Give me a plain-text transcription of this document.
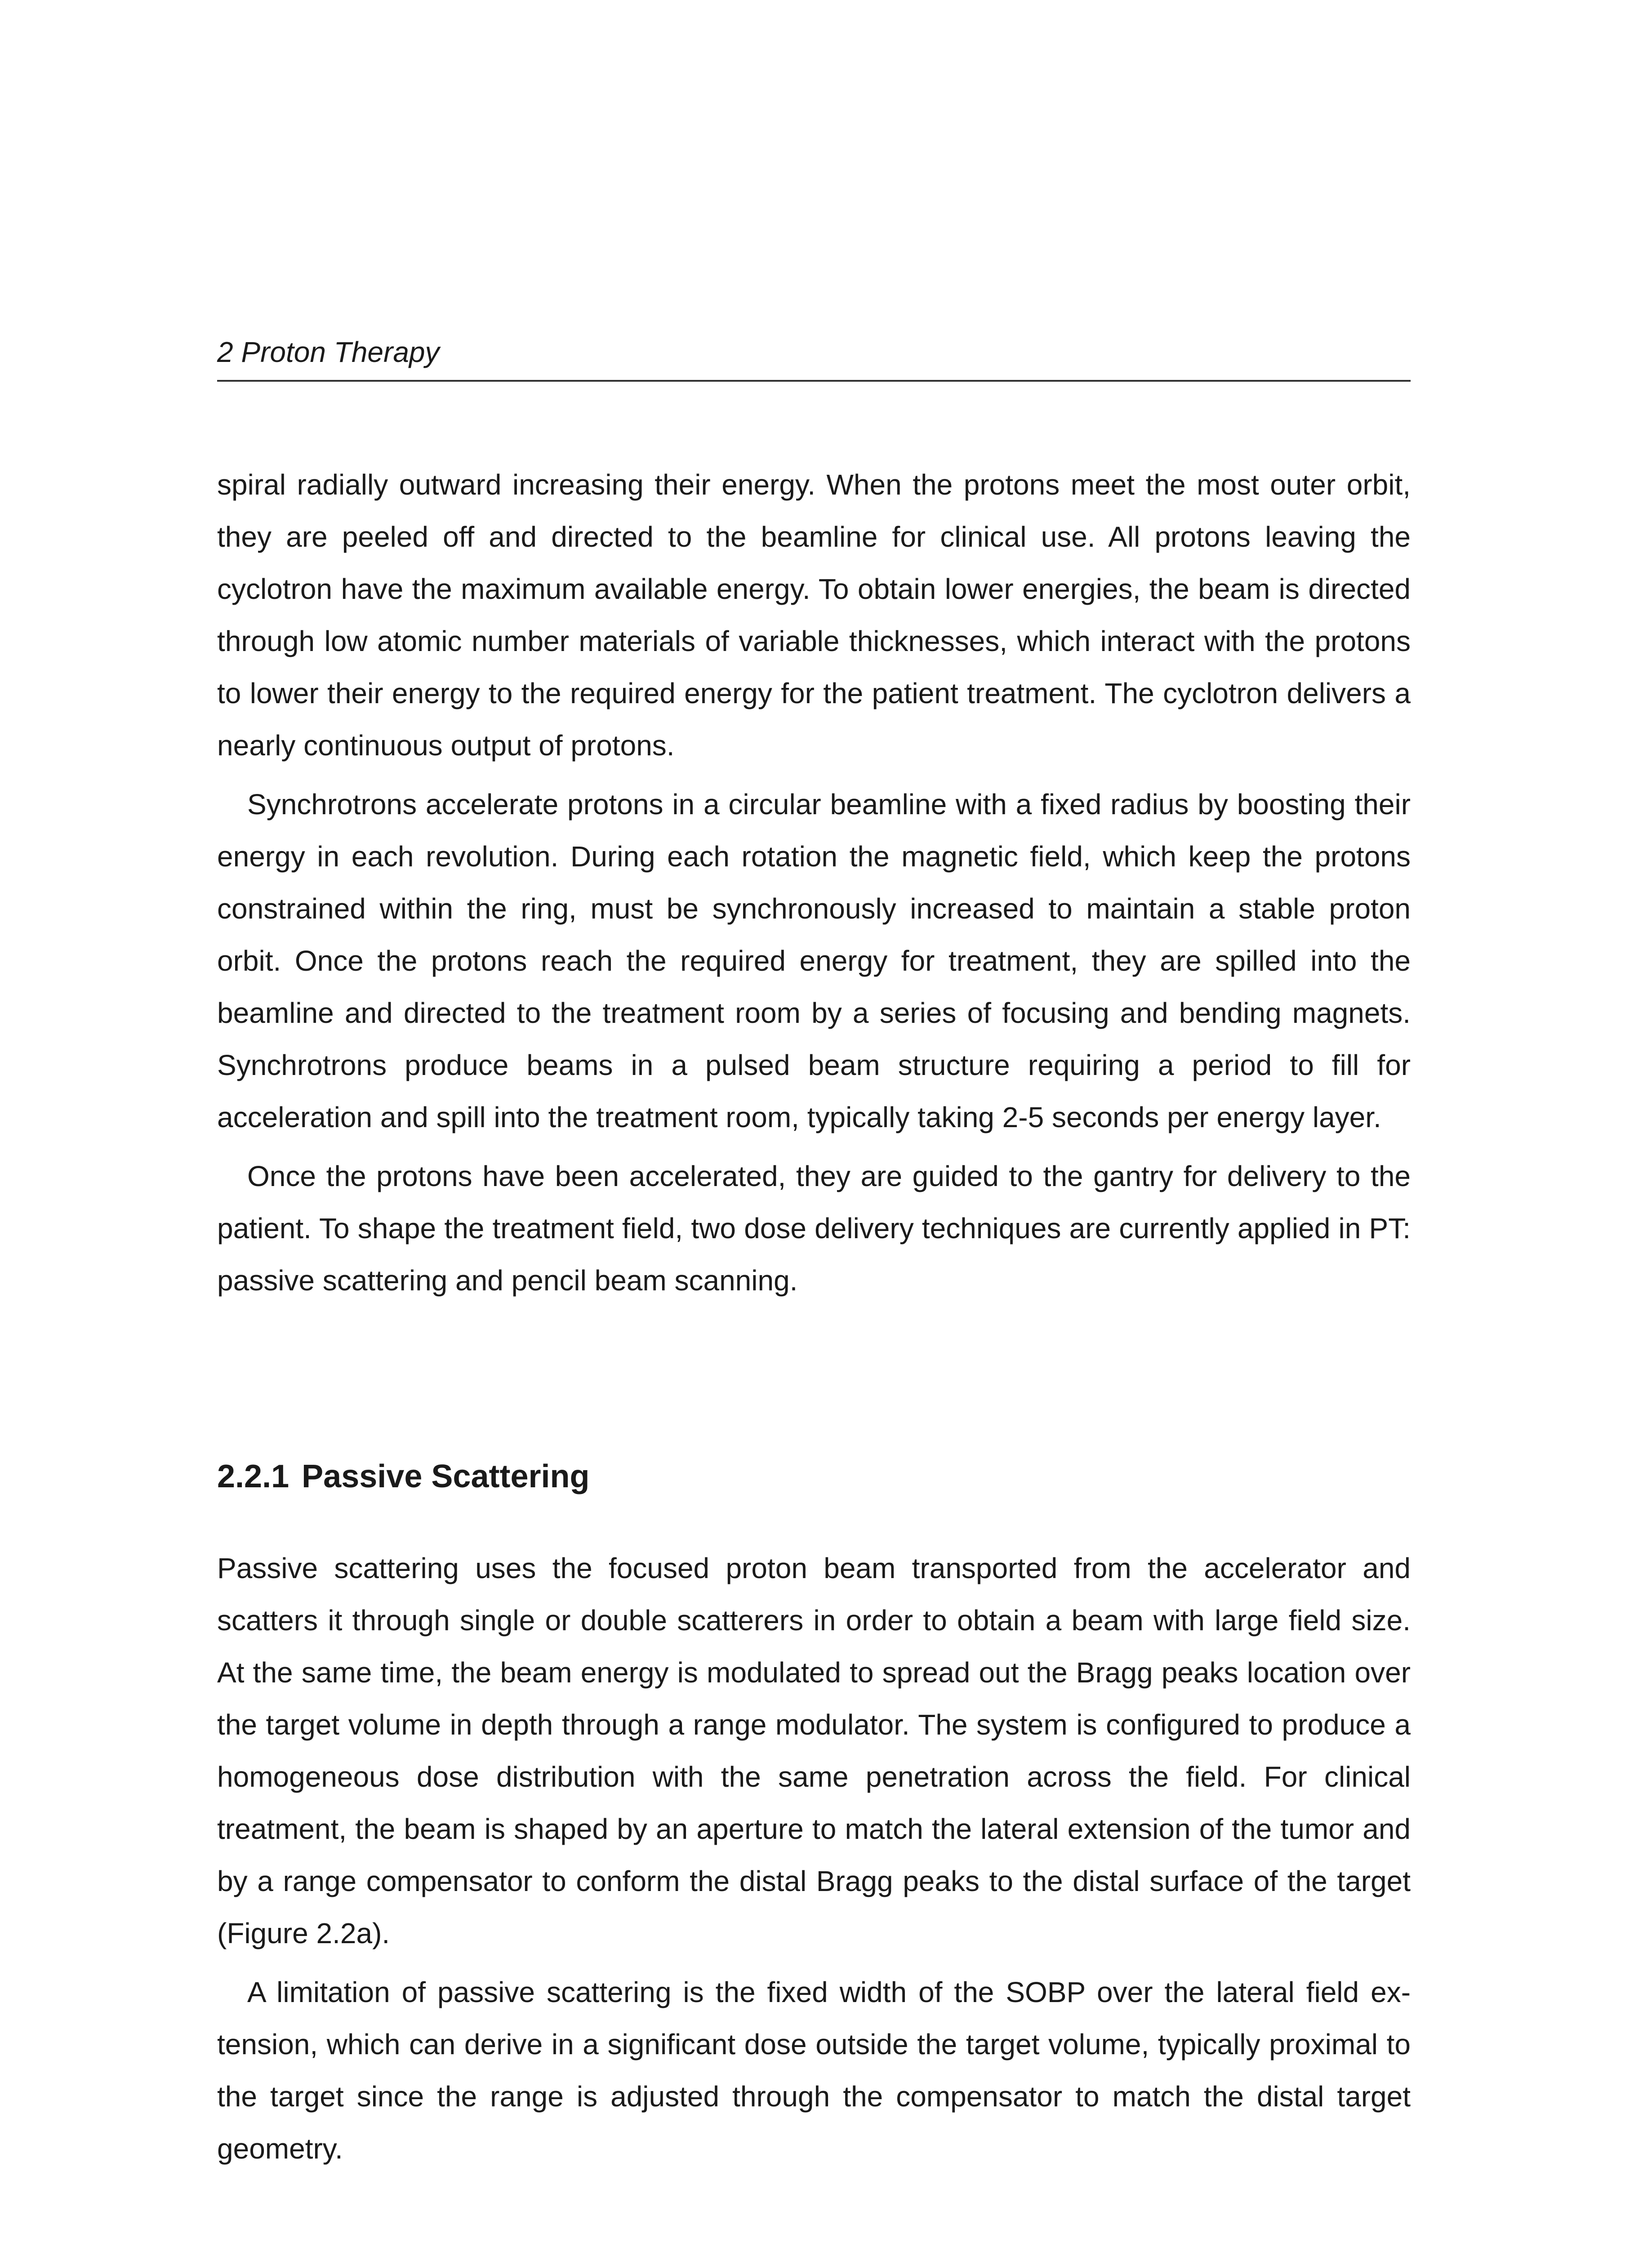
2 Proton Therapy

spiral radially outward increasing their energy. When the protons meet the most outer orbit, they are peeled off and directed to the beamline for clinical use. All protons leaving the cyclotron have the maximum available energy. To obtain lower energies, the beam is directed through low atomic number materials of variable thicknesses, which interact with the protons to lower their energy to the required energy for the patient treatment. The cyclotron delivers a nearly continuous output of protons.

Synchrotrons accelerate protons in a circular beamline with a fixed radius by boosting their energy in each revolution. During each rotation the magnetic field, which keep the protons constrained within the ring, must be synchronously increased to maintain a stable proton orbit. Once the protons reach the required energy for treatment, they are spilled into the beamline and directed to the treatment room by a series of focusing and bending magnets. Synchrotrons produce beams in a pulsed beam structure requiring a period to fill for acceleration and spill into the treatment room, typically taking 2-5 seconds per energy layer.

Once the protons have been accelerated, they are guided to the gantry for delivery to the patient. To shape the treatment field, two dose delivery techniques are currently applied in PT: passive scattering and pencil beam scanning.

2.2.1 Passive Scattering

Passive scattering uses the focused proton beam transported from the accelerator and scatters it through single or double scatterers in order to obtain a beam with large field size. At the same time, the beam energy is modulated to spread out the Bragg peaks location over the target volume in depth through a range modulator. The system is configured to produce a homogeneous dose distribution with the same penetration across the field. For clinical treatment, the beam is shaped by an aperture to match the lateral extension of the tumor and by a range compensator to conform the distal Bragg peaks to the distal surface of the target (Figure 2.2a).

A limitation of passive scattering is the fixed width of the SOBP over the lateral field extension, which can derive in a significant dose outside the target volume, typically proximal to the target since the range is adjusted through the compensator to match the distal target geometry.
